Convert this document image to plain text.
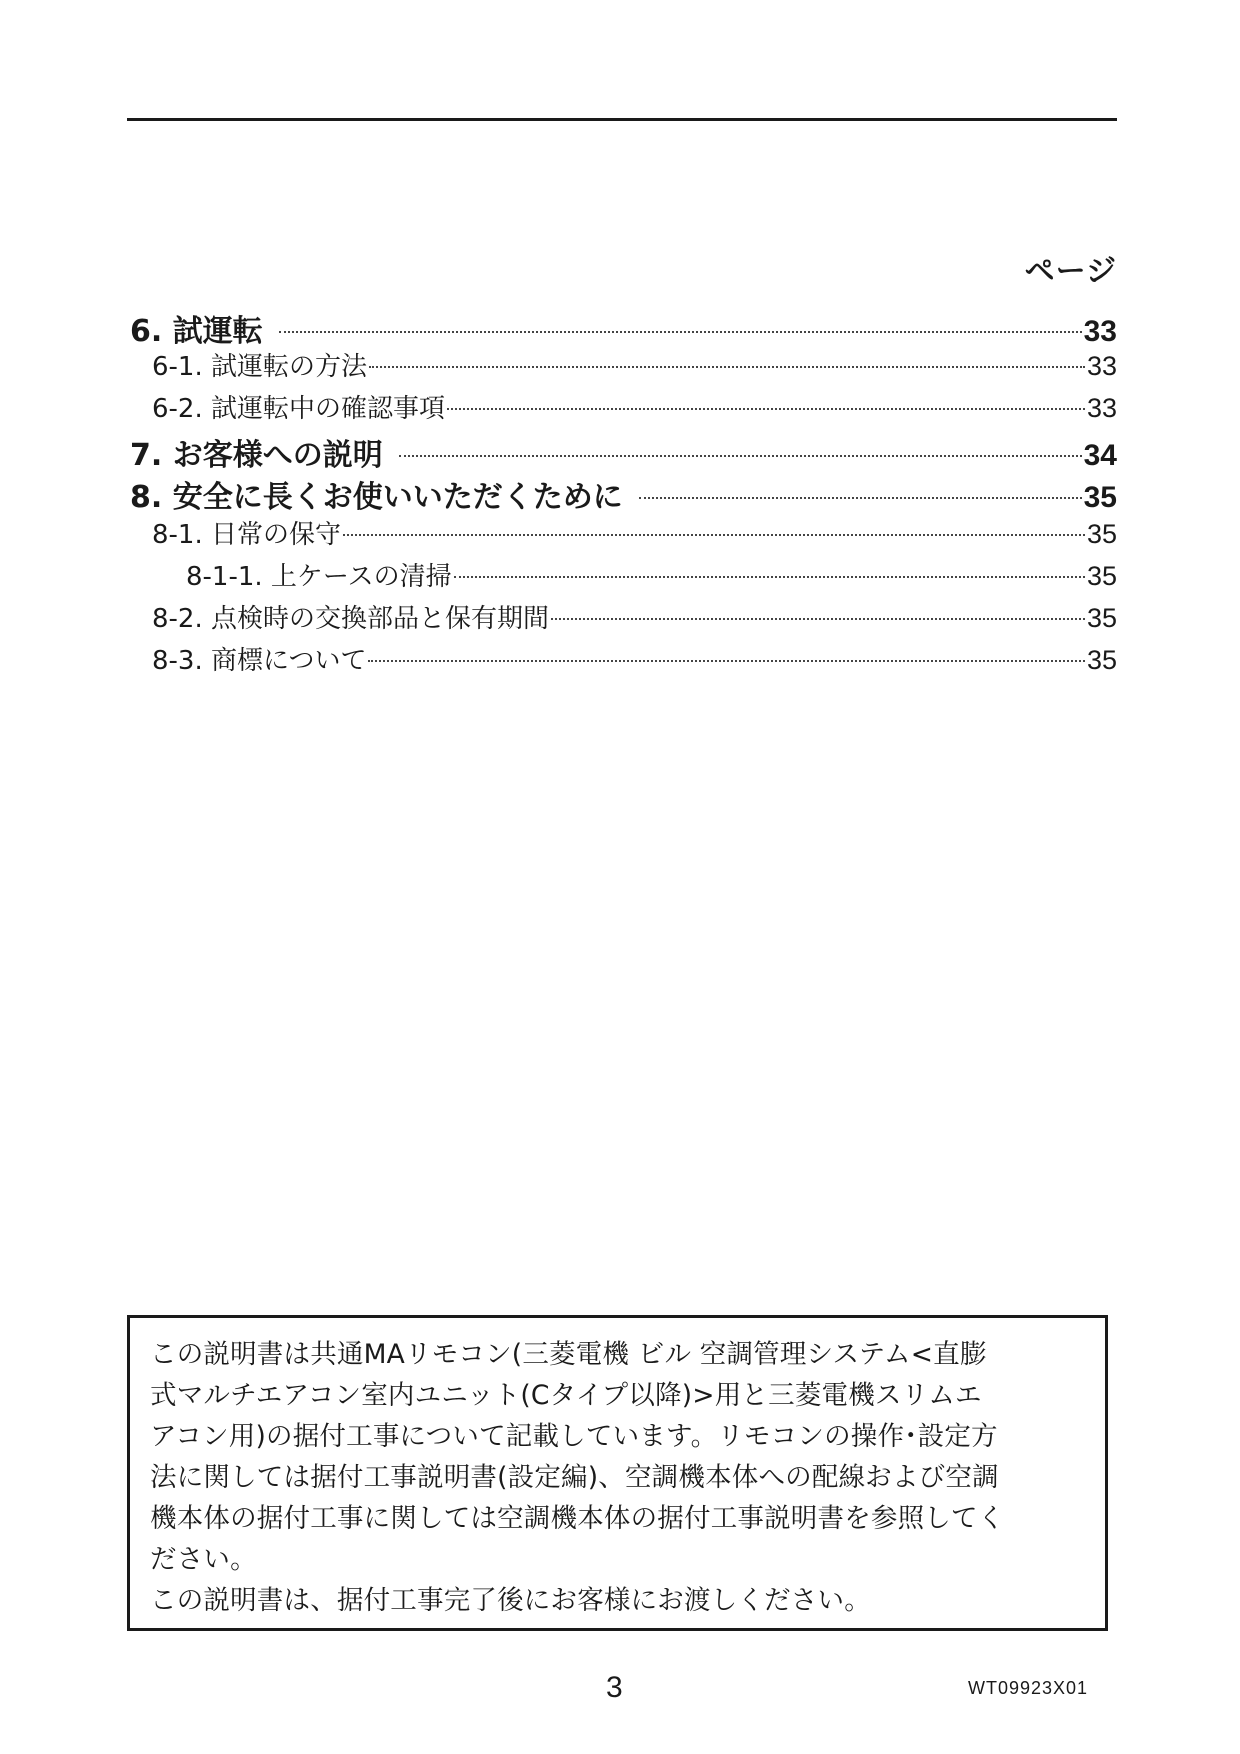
ページ
6. 試運転	33
6-1. 試運転の方法	33
6-2. 試運転中の確認事項	33
7. お客様への説明	34
8. 安全に長くお使いいただくために	35
8-1. 日常の保守	35
8-1-1. 上ケースの清掃	35
8-2. 点検時の交換部品と保有期間	35
8-3. 商標について	35
この説明書は共通MAリモコン(三菱電機 ビル 空調管理システム<直膨
式マルチエアコン室内ユニット(Cタイプ以降)>用と三菱電機スリムエ
アコン用)の据付工事について記載しています。リモコンの操作･設定方
法に関しては据付工事説明書(設定編)、空調機本体への配線および空調
機本体の据付工事に関しては空調機本体の据付工事説明書を参照してく
ださい。
この説明書は、据付工事完了後にお客様にお渡しください。
3	WT09923X01
